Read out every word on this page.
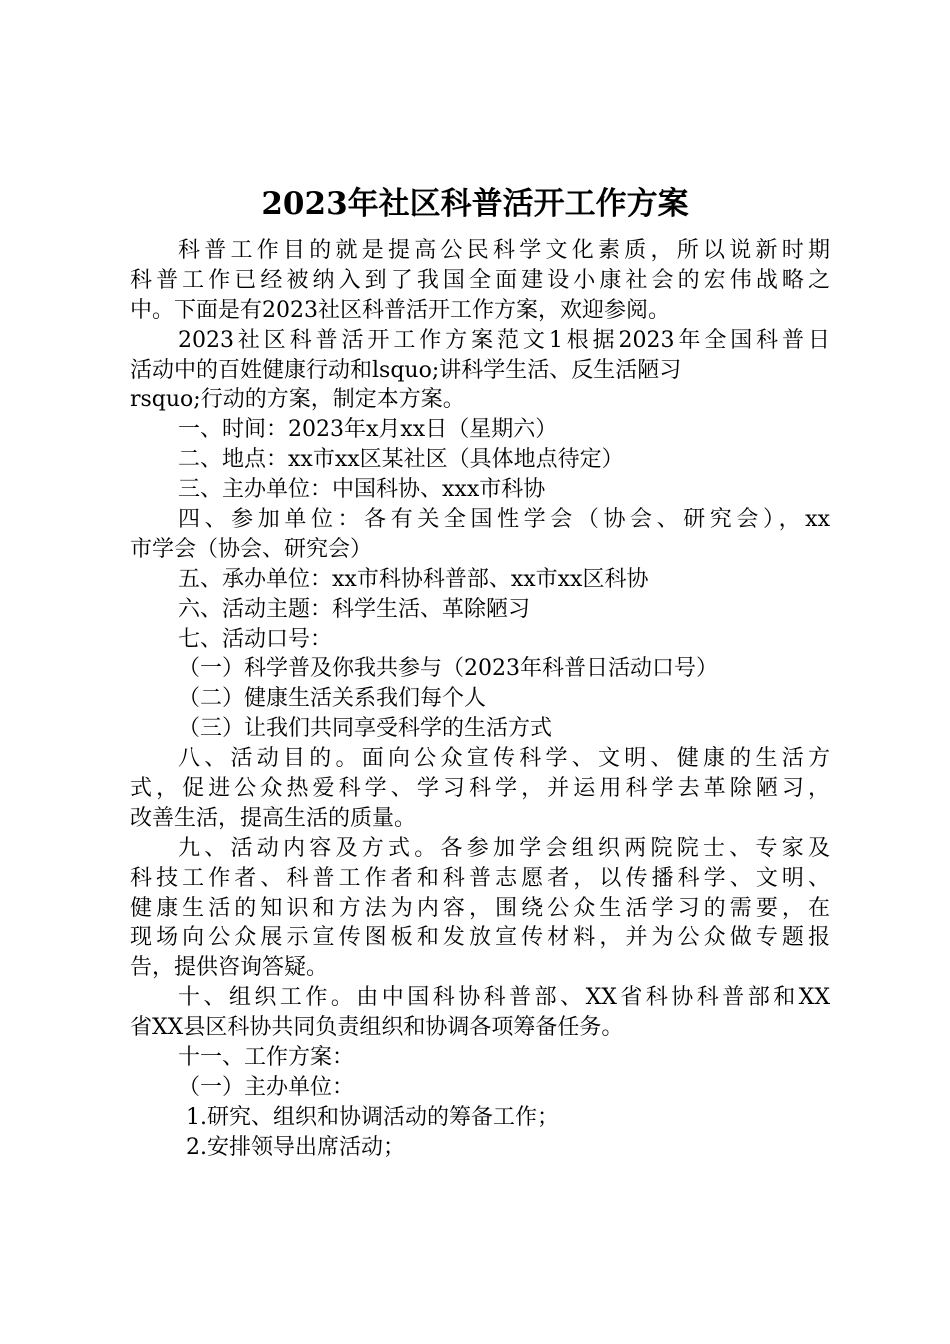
2023年社区科普活开工作方案
科普工作目的就是提高公民科学文化素质，所以说新时期
科普工作已经被纳入到了我国全面建设小康社会的宏伟战略之
中。下面是有2023社区科普活开工作方案，欢迎参阅。
2023社区科普活开工作方案范文1根据2023年全国科普日
活动中的百姓健康行动和lsquo;讲科学生活、反生活陋习
rsquo;行动的方案，制定本方案。
一、时间：2023年x月xx日（星期六）
二、地点：xx市xx区某社区（具体地点待定）
三、主办单位：中国科协、xxx市科协
四、参加单位：各有关全国性学会（协会、研究会），xx
市学会（协会、研究会）
五、承办单位：xx市科协科普部、xx市xx区科协
六、活动主题：科学生活、革除陋习
七、活动口号：
（一）科学普及你我共参与（2023年科普日活动口号）
（二）健康生活关系我们每个人
（三）让我们共同享受科学的生活方式
八、活动目的。面向公众宣传科学、文明、健康的生活方
式，促进公众热爱科学、学习科学，并运用科学去革除陋习，
改善生活，提高生活的质量。
九、活动内容及方式。各参加学会组织两院院士、专家及
科技工作者、科普工作者和科普志愿者，以传播科学、文明、
健康生活的知识和方法为内容，围绕公众生活学习的需要，在
现场向公众展示宣传图板和发放宣传材料，并为公众做专题报
告，提供咨询答疑。
十、组织工作。由中国科协科普部、XX省科协科普部和XX
省XX县区科协共同负责组织和协调各项筹备任务。
十一、工作方案：
（一）主办单位：
1.研究、组织和协调活动的筹备工作；
2.安排领导出席活动；
